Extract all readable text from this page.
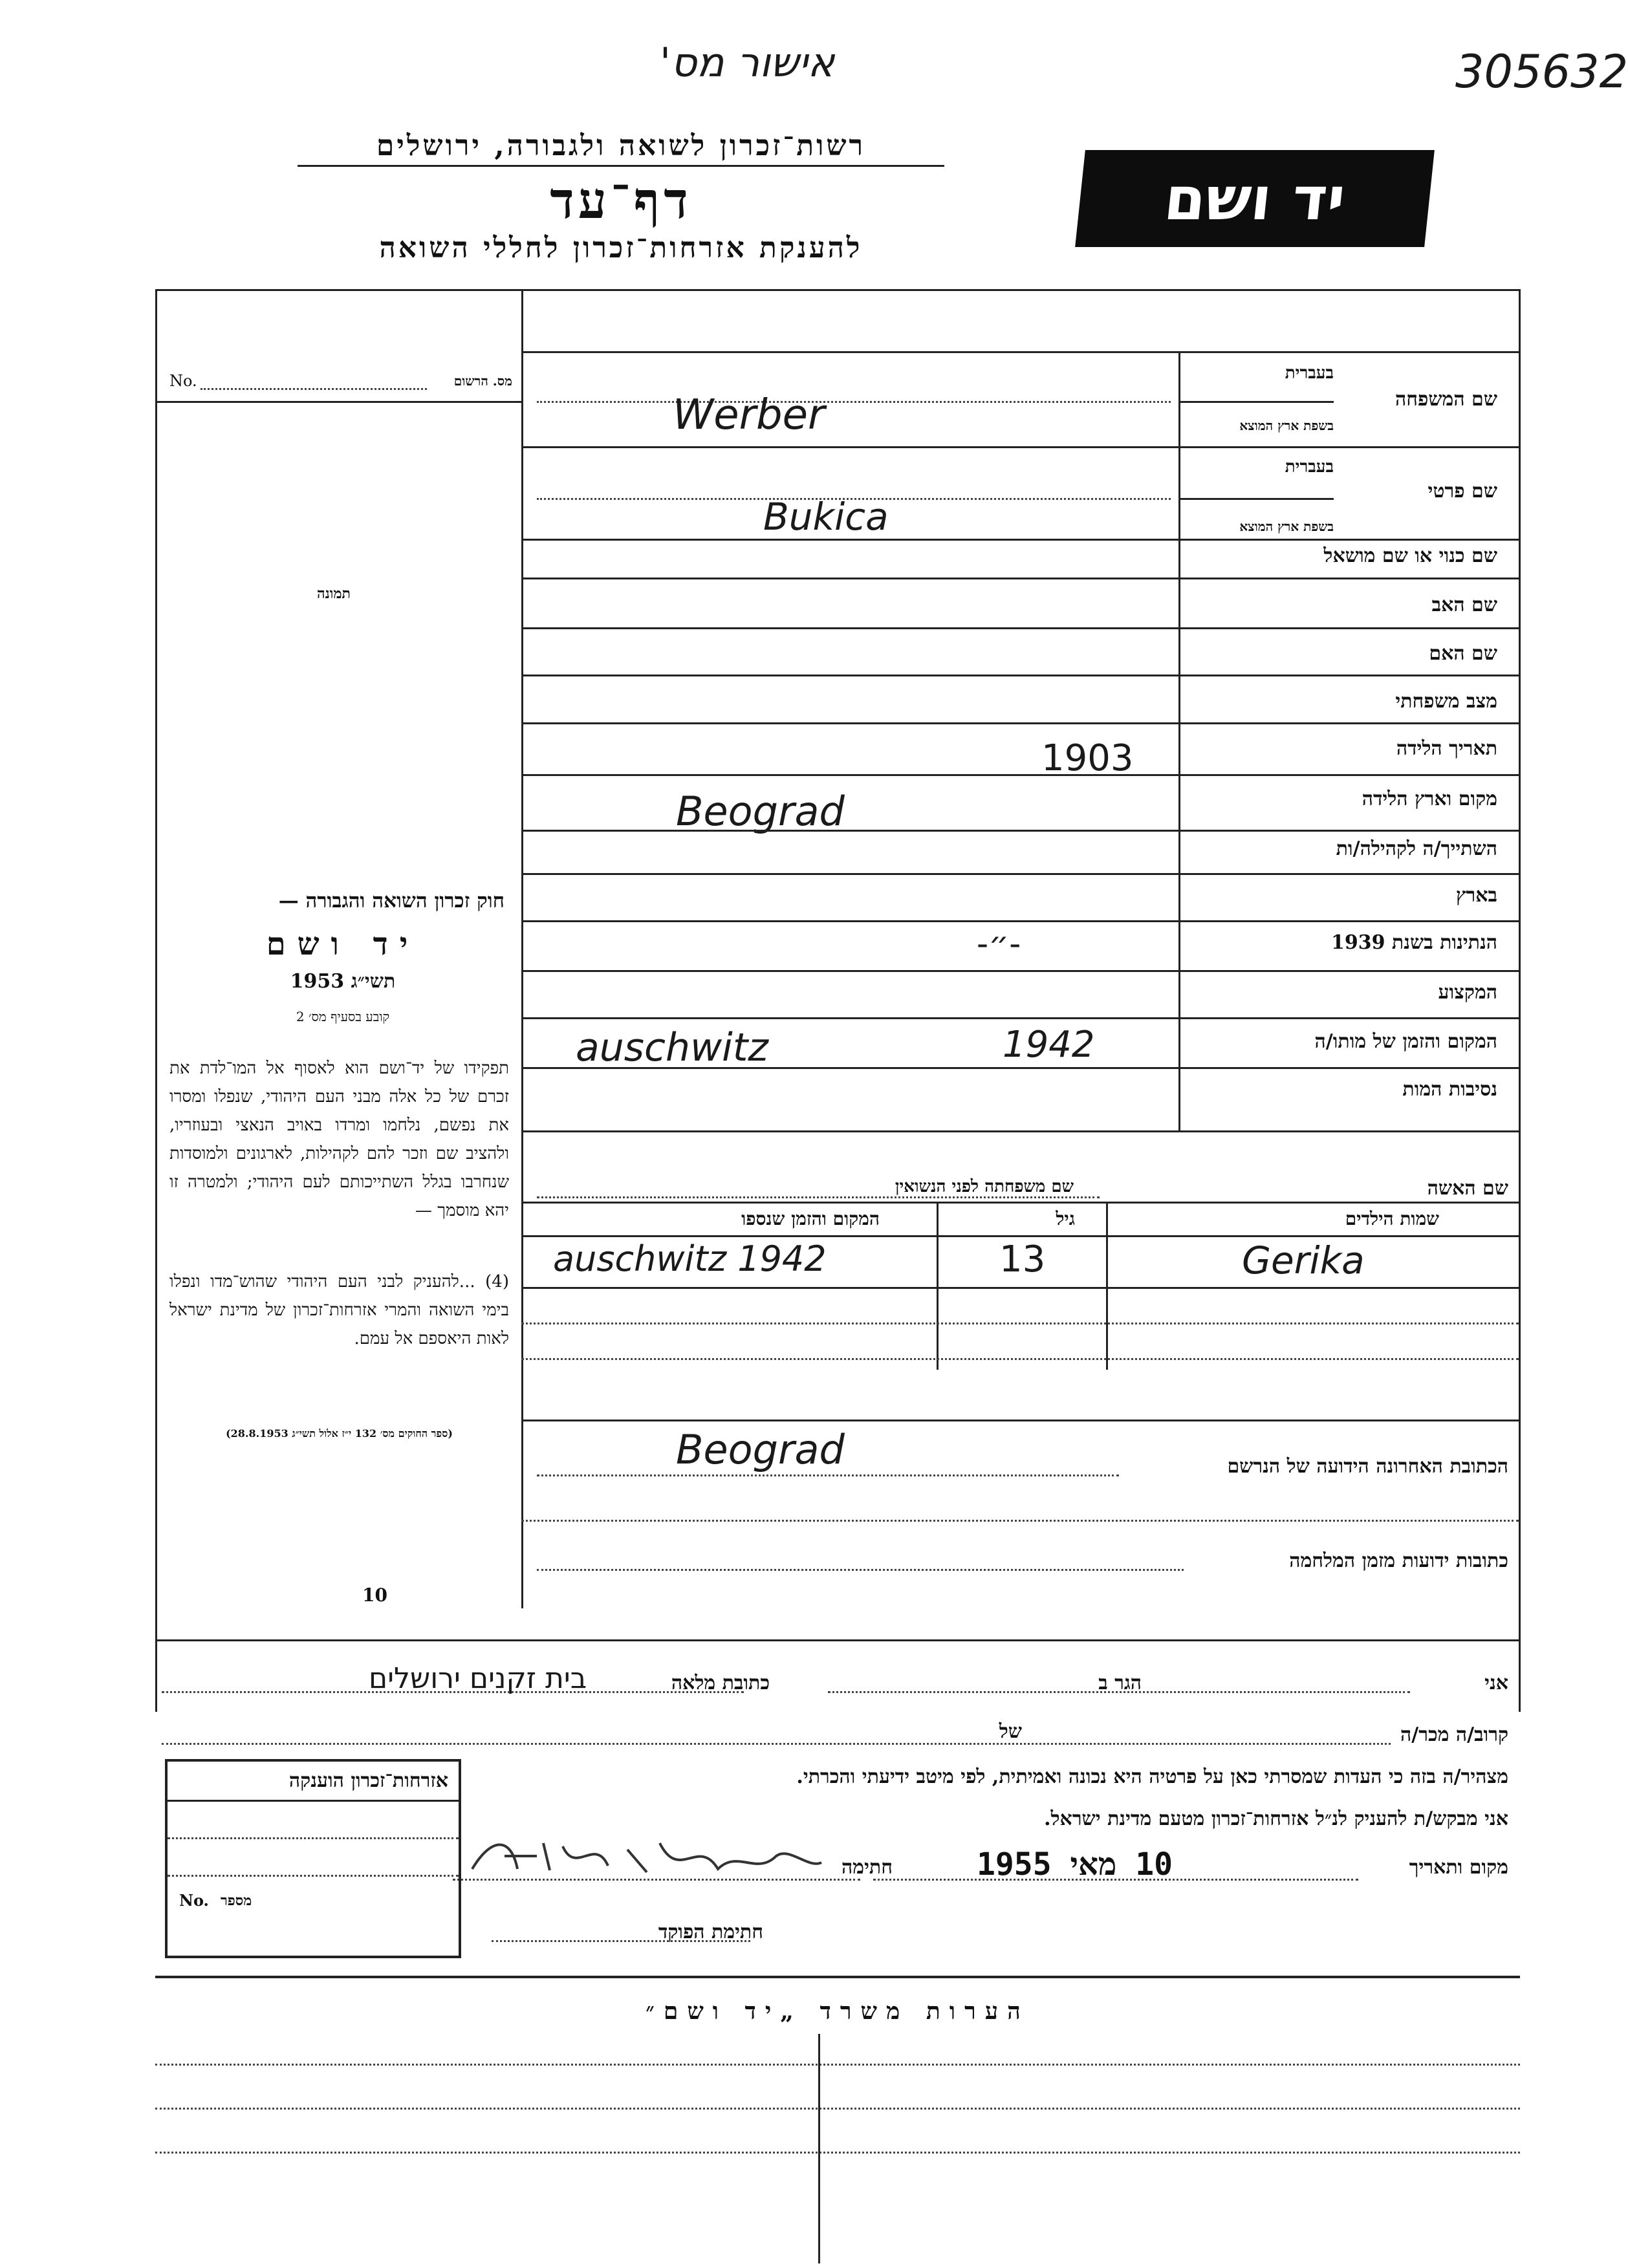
אישור מס'	305632
רשות־זכרון לשואה ולגבורה, ירושלים
דף־עד
להענקת אזרחות־זכרון לחללי השואה
יד ושם
No.	מס. הרשום
תמונה
חוק זכרון השואה והגבורה —
יד ושם
תשי״ג 1953
קובע בסעיף מס׳ 2
תפקידו של יד־ושם הוא לאסוף אל המו־לדת את זכרם של כל אלה מבני העם היהודי, שנפלו ומסרו את נפשם, נלחמו ומרדו באויב הנאצי ובעוזריו, ולהציב שם וזכר להם לקהילות, לארגונים ולמוסדות שנחרבו בגלל השתייכותם לעם היהודי; ולמטרה זו יהא מוסמך —
(4) ...להעניק לבני העם היהודי שהוש־מדו ונפלו בימי השואה והמרי אזרחות־זכרון של מדינת ישראל לאות היאספם אל עמם.
(ספר החוקים מס׳ 132 י״ז אלול תשי״ג 28.8.1953)
10
שם המשפחה
בעברית
בשפת ארץ המוצא
Werber
שם פרטי
בעברית
בשפת ארץ המוצא
Bukica
שם כנוי או שם מושאל
שם האב
שם האם
מצב משפחתי
תאריך הלידה
1903
מקום וארץ הלידה
Beograd
השתייך/ה לקהילה/ות
בארץ
הנתינות בשנת 1939
-״-
המקצוע
המקום והזמן של מותו/ה
auschwitz	1942
נסיבות המות
שם האשה
שם משפחתה לפני הנשואין
שמות הילדים
גיל
המקום והזמן שנספו
auschwitz 1942	13	Gerika
Beograd	הכתובת האחרונה הידועה של הנרשם
כתובות ידועות מזמן המלחמה
אני
הגר ב
כתובת מלאה
בית זקנים ירושלים
קרוב/ה מכר/ה
של
מצהיר/ה בזה כי העדות שמסרתי כאן על פרטיה היא נכונה ואמיתית, לפי מיטב ידיעתי והכרתי.
אני מבקש/ת להעניק לנ״ל אזרחות־זכרון מטעם מדינת ישראל.
מקום ותאריך
10 מאי 1955
חתימה
חתימת הפוקד
אזרחות־זכרון הוענקה
No. מספר
הערות משרד „יד ושם״
